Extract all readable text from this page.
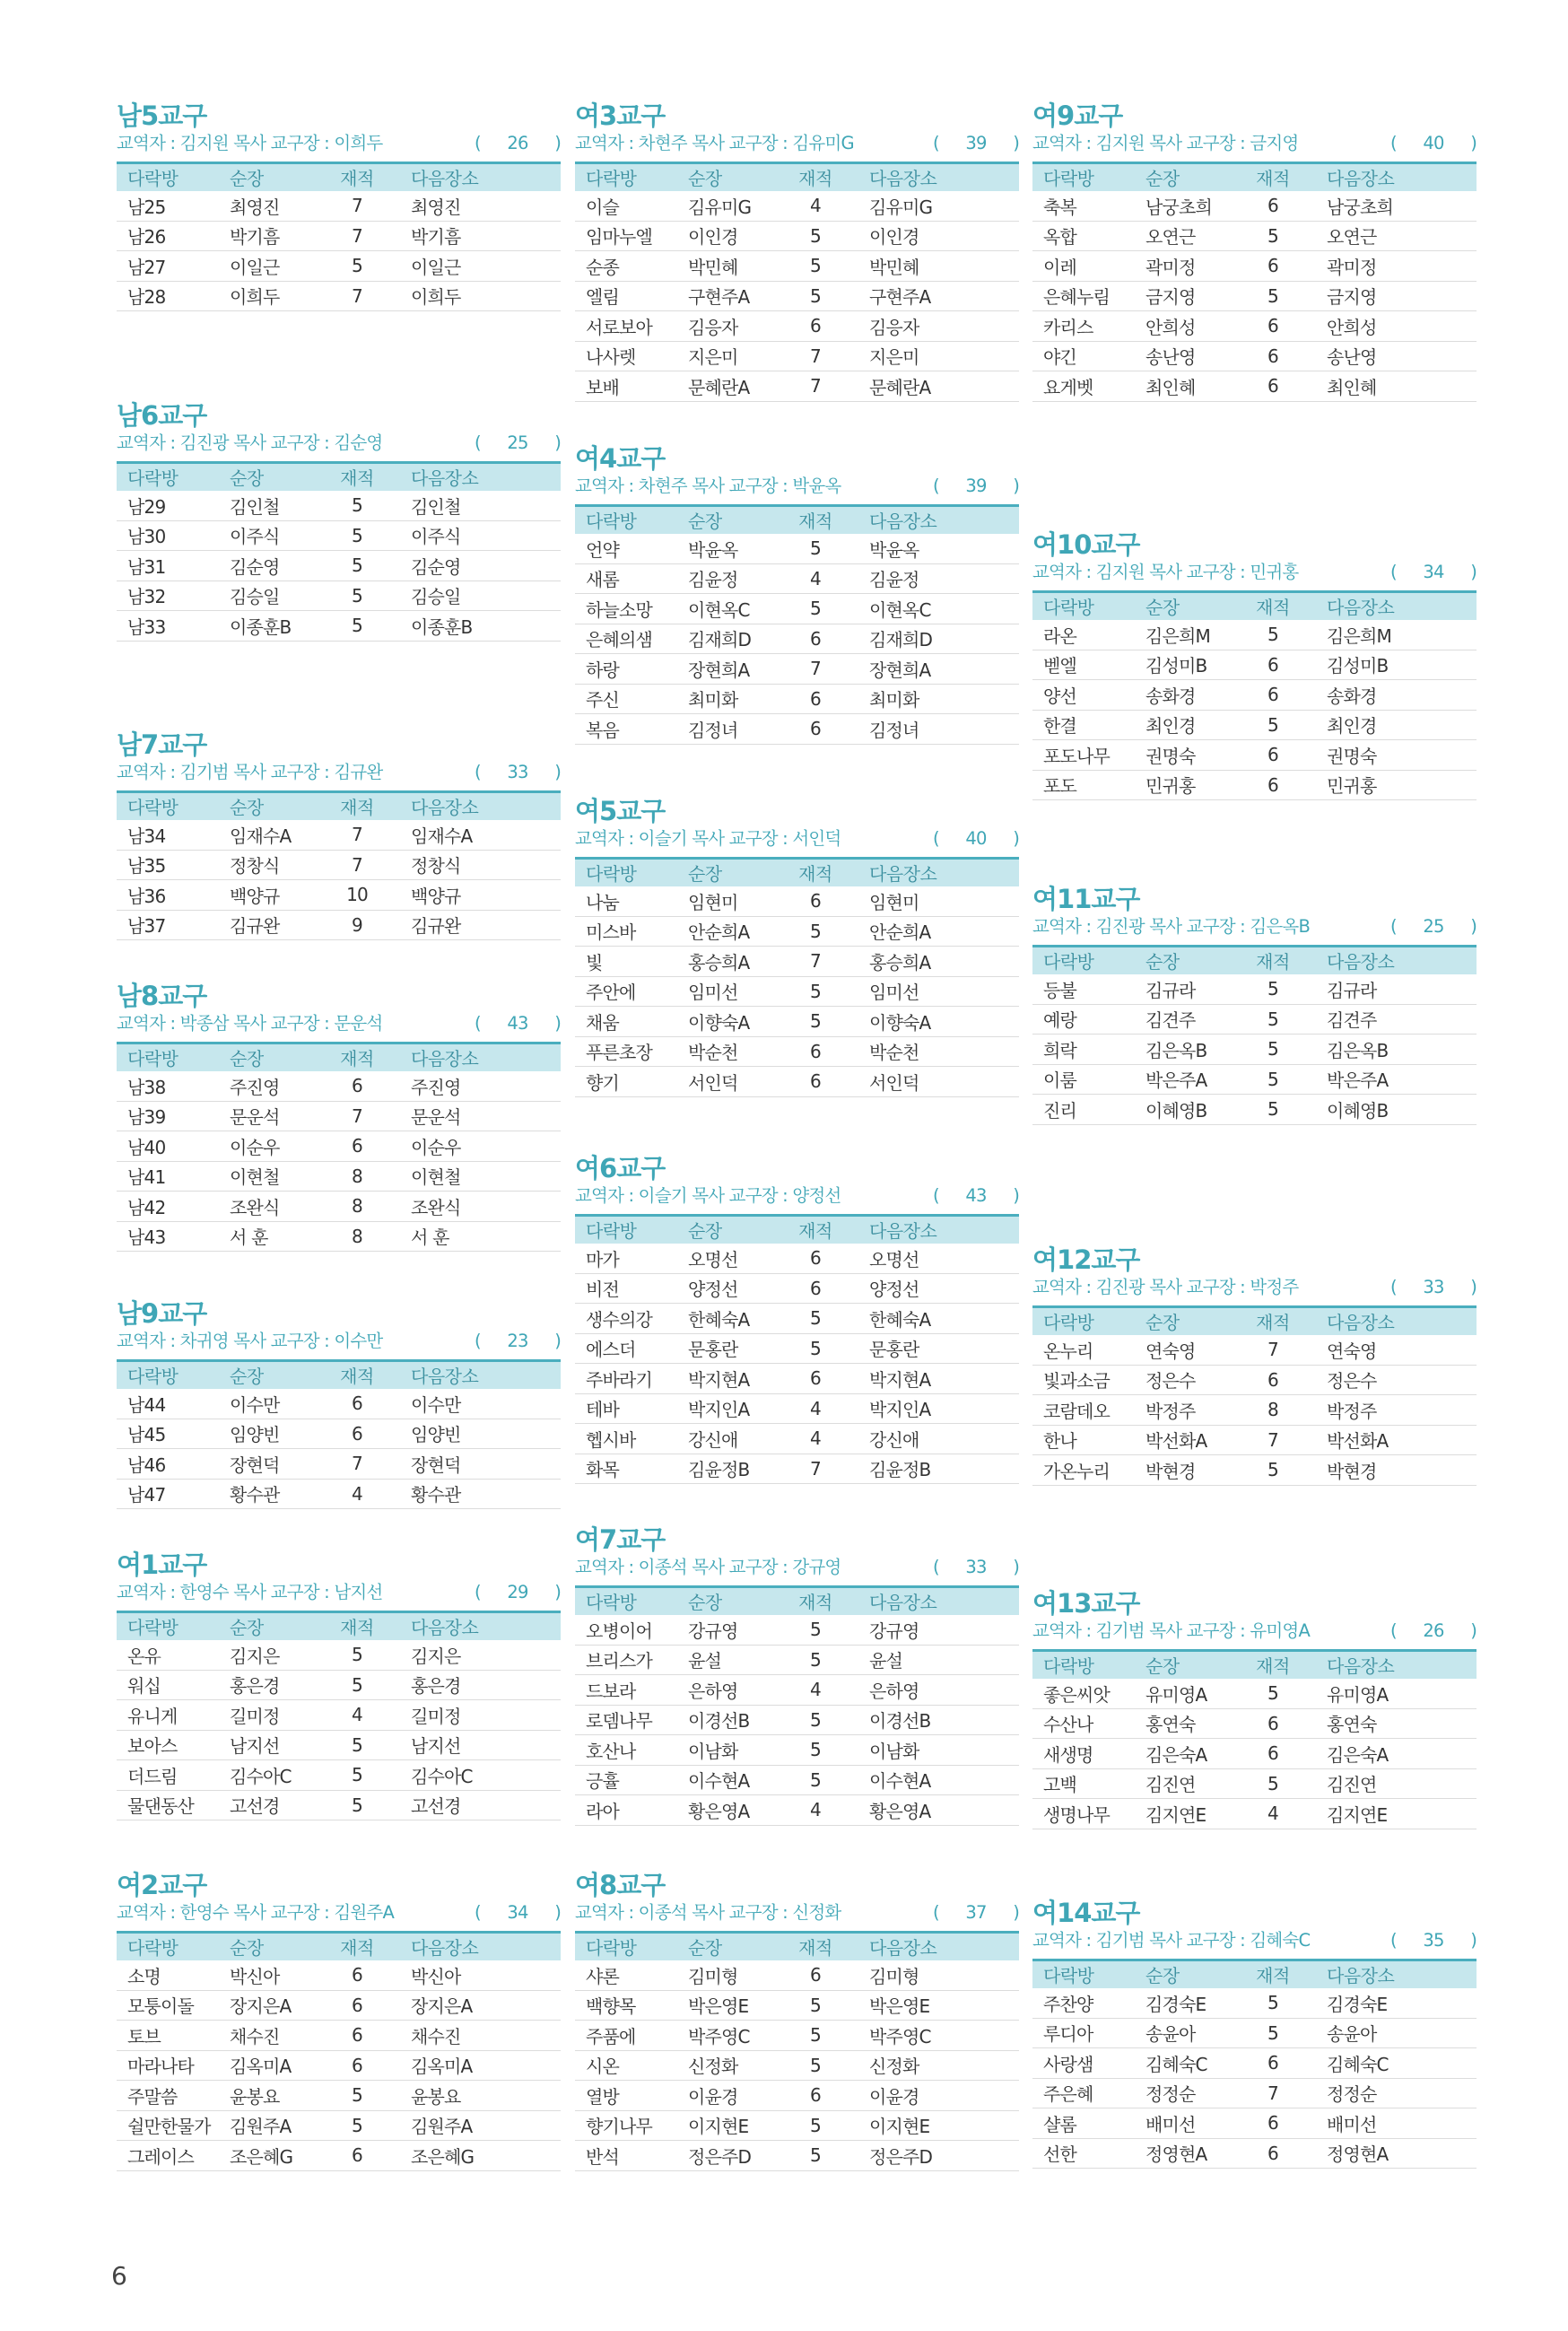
남5교구
교역자 : 김지원 목사 교구장 : 이희두	(	26	)
다락방	순장	재적	다음장소
남25	최영진	7	최영진
남26	박기흠	7	박기흠
남27	이일근	5	이일근
남28	이희두	7	이희두
남6교구
교역자 : 김진광 목사 교구장 : 김순영	(	25	)
다락방	순장	재적	다음장소
남29	김인철	5	김인철
남30	이주식	5	이주식
남31	김순영	5	김순영
남32	김승일	5	김승일
남33	이종훈B	5	이종훈B
남7교구
교역자 : 김기범 목사 교구장 : 김규완	(	33	)
다락방	순장	재적	다음장소
남34	임재수A	7	임재수A
남35	정창식	7	정창식
남36	백양규	10	백양규
남37	김규완	9	김규완
남8교구
교역자 : 박종삼 목사 교구장 : 문운석	(	43	)
다락방	순장	재적	다음장소
남38	주진영	6	주진영
남39	문운석	7	문운석
남40	이순우	6	이순우
남41	이현철	8	이현철
남42	조완식	8	조완식
남43	서 훈	8	서 훈
남9교구
교역자 : 차귀영 목사 교구장 : 이수만	(	23	)
다락방	순장	재적	다음장소
남44	이수만	6	이수만
남45	임양빈	6	임양빈
남46	장현덕	7	장현덕
남47	황수관	4	황수관
여1교구
교역자 : 한영수 목사 교구장 : 남지선	(	29	)
다락방	순장	재적	다음장소
온유	김지은	5	김지은
워십	홍은경	5	홍은경
유니게	길미정	4	길미정
보아스	남지선	5	남지선
더드림	김수아C	5	김수아C
물댄동산	고선경	5	고선경
여2교구
교역자 : 한영수 목사 교구장 : 김원주A	(	34	)
다락방	순장	재적	다음장소
소명	박신아	6	박신아
모퉁이돌	장지은A	6	장지은A
토브	채수진	6	채수진
마라나타	김옥미A	6	김옥미A
주말씀	윤봉요	5	윤봉요
쉴만한물가	김원주A	5	김원주A
그레이스	조은혜G	6	조은혜G
여3교구
교역자 : 차현주 목사 교구장 : 김유미G	(	39	)
다락방	순장	재적	다음장소
이슬	김유미G	4	김유미G
임마누엘	이인경	5	이인경
순종	박민혜	5	박민혜
엘림	구현주A	5	구현주A
서로보아	김응자	6	김응자
나사렛	지은미	7	지은미
보배	문혜란A	7	문혜란A
여4교구
교역자 : 차현주 목사 교구장 : 박윤옥	(	39	)
다락방	순장	재적	다음장소
언약	박윤옥	5	박윤옥
새롬	김윤정	4	김윤정
하늘소망	이현옥C	5	이현옥C
은혜의샘	김재희D	6	김재희D
하랑	장현희A	7	장현희A
주신	최미화	6	최미화
복음	김정녀	6	김정녀
여5교구
교역자 : 이슬기 목사 교구장 : 서인덕	(	40	)
다락방	순장	재적	다음장소
나눔	임현미	6	임현미
미스바	안순희A	5	안순희A
빛	홍승희A	7	홍승희A
주안에	임미선	5	임미선
채움	이향숙A	5	이향숙A
푸른초장	박순천	6	박순천
향기	서인덕	6	서인덕
여6교구
교역자 : 이슬기 목사 교구장 : 양정선	(	43	)
다락방	순장	재적	다음장소
마가	오명선	6	오명선
비전	양정선	6	양정선
생수의강	한혜숙A	5	한혜숙A
에스더	문홍란	5	문홍란
주바라기	박지현A	6	박지현A
테바	박지인A	4	박지인A
헵시바	강신애	4	강신애
화목	김윤정B	7	김윤정B
여7교구
교역자 : 이종석 목사 교구장 : 강규영	(	33	)
다락방	순장	재적	다음장소
오병이어	강규영	5	강규영
브리스가	윤설	5	윤설
드보라	은하영	4	은하영
로뎀나무	이경선B	5	이경선B
호산나	이남화	5	이남화
긍휼	이수현A	5	이수현A
라아	황은영A	4	황은영A
여8교구
교역자 : 이종석 목사 교구장 : 신정화	(	37	)
다락방	순장	재적	다음장소
샤론	김미형	6	김미형
백향목	박은영E	5	박은영E
주품에	박주영C	5	박주영C
시온	신정화	5	신정화
열방	이윤경	6	이윤경
향기나무	이지현E	5	이지현E
반석	정은주D	5	정은주D
여9교구
교역자 : 김지원 목사 교구장 : 금지영	(	40	)
다락방	순장	재적	다음장소
축복	남궁초희	6	남궁초희
옥합	오연근	5	오연근
이레	곽미정	6	곽미정
은혜누림	금지영	5	금지영
카리스	안희성	6	안희성
야긴	송난영	6	송난영
요게벳	최인혜	6	최인혜
여10교구
교역자 : 김지원 목사 교구장 : 민귀홍	(	34	)
다락방	순장	재적	다음장소
라온	김은희M	5	김은희M
벧엘	김성미B	6	김성미B
양선	송화경	6	송화경
한결	최인경	5	최인경
포도나무	권명숙	6	권명숙
포도	민귀홍	6	민귀홍
여11교구
교역자 : 김진광 목사 교구장 : 김은옥B	(	25	)
다락방	순장	재적	다음장소
등불	김규라	5	김규라
예랑	김견주	5	김견주
희락	김은옥B	5	김은옥B
이룸	박은주A	5	박은주A
진리	이혜영B	5	이혜영B
여12교구
교역자 : 김진광 목사 교구장 : 박정주	(	33	)
다락방	순장	재적	다음장소
온누리	연숙영	7	연숙영
빛과소금	정은수	6	정은수
코람데오	박정주	8	박정주
한나	박선화A	7	박선화A
가온누리	박현경	5	박현경
여13교구
교역자 : 김기범 목사 교구장 : 유미영A	(	26	)
다락방	순장	재적	다음장소
좋은씨앗	유미영A	5	유미영A
수산나	홍연숙	6	홍연숙
새생명	김은숙A	6	김은숙A
고백	김진연	5	김진연
생명나무	김지연E	4	김지연E
여14교구
교역자 : 김기범 목사 교구장 : 김혜숙C	(	35	)
다락방	순장	재적	다음장소
주찬양	김경숙E	5	김경숙E
루디아	송윤아	5	송윤아
사랑샘	김혜숙C	6	김혜숙C
주은혜	정정순	7	정정순
샬롬	배미선	6	배미선
선한	정영현A	6	정영현A
6
